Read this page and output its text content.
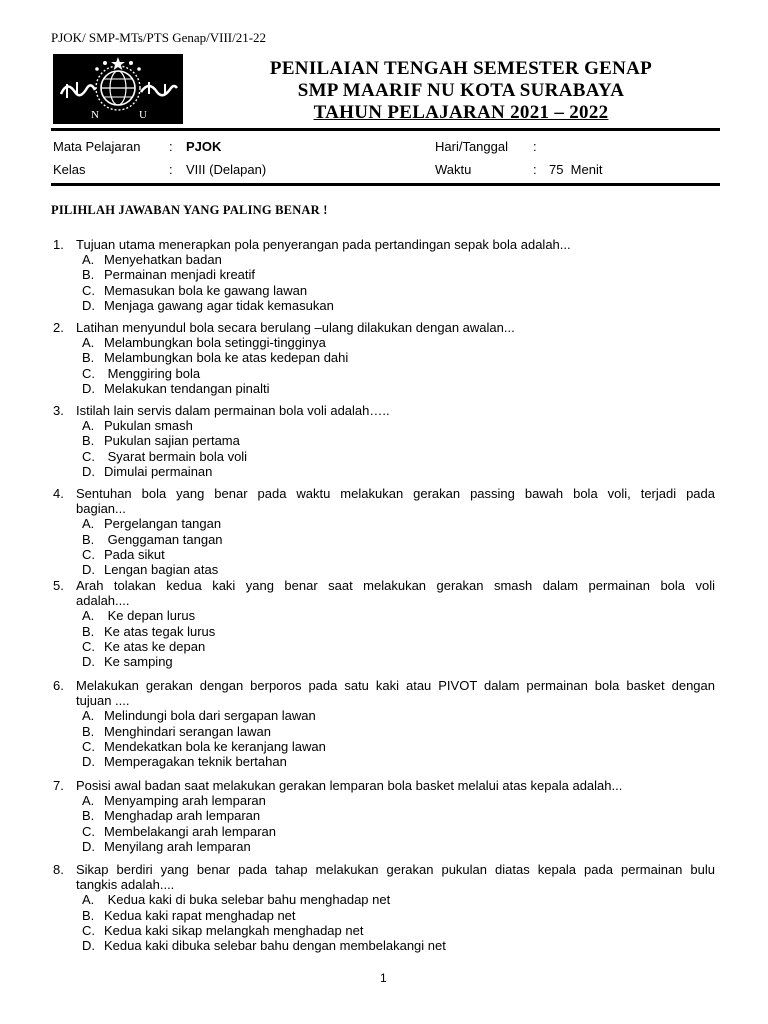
PJOK/ SMP-MTs/PTS Genap/VIII/21-22
N	U
PENILAIAN TENGAH SEMESTER GENAP
SMP MAARIF NU KOTA SURABAYA
TAHUN PELAJARAN 2021 – 2022
Mata Pelajaran : PJOK	Hari/Tanggal :
Kelas	: VIII (Delapan)	Waktu	: 75  Menit
PILIHLAH JAWABAN YANG PALING BENAR !
1. Tujuan utama menerapkan pola penyerangan pada pertandingan sepak bola adalah...
A. Menyehatkan badan
B. Permainan menjadi kreatif
C. Memasukan bola ke gawang lawan
D. Menjaga gawang agar tidak kemasukan
2. Latihan menyundul bola secara berulang –ulang dilakukan dengan awalan...
A. Melambungkan bola setinggi-tingginya
B. Melambungkan bola ke atas kedepan dahi
C. Menggiring bola
D. Melakukan tendangan pinalti
3. Istilah lain servis dalam permainan bola voli adalah…..
A. Pukulan smash
B. Pukulan sajian pertama
C. Syarat bermain bola voli
D. Dimulai permainan
4. Sentuhan bola yang benar pada waktu melakukan gerakan passing bawah bola voli, terjadi pada
bagian...
A. Pergelangan tangan
B. Genggaman tangan
C. Pada sikut
D. Lengan bagian atas
5. Arah tolakan kedua kaki yang benar saat melakukan gerakan smash dalam permainan bola voli
adalah....
A. Ke depan lurus
B. Ke atas tegak lurus
C. Ke atas ke depan
D. Ke samping
6. Melakukan gerakan dengan berporos pada satu kaki atau PIVOT dalam permainan bola basket dengan
tujuan ....
A. Melindungi bola dari sergapan lawan
B. Menghindari serangan lawan
C. Mendekatkan bola ke keranjang lawan
D. Memperagakan teknik bertahan
7. Posisi awal badan saat melakukan gerakan lemparan bola basket melalui atas kepala adalah...
A. Menyamping arah lemparan
B. Menghadap arah lemparan
C. Membelakangi arah lemparan
D. Menyilang arah lemparan
8. Sikap berdiri yang benar pada tahap melakukan gerakan pukulan diatas kepala pada permainan bulu
tangkis adalah....
A. Kedua kaki di buka selebar bahu menghadap net
B. Kedua kaki rapat menghadap net
C. Kedua kaki sikap melangkah menghadap net
D. Kedua kaki dibuka selebar bahu dengan membelakangi net
1
